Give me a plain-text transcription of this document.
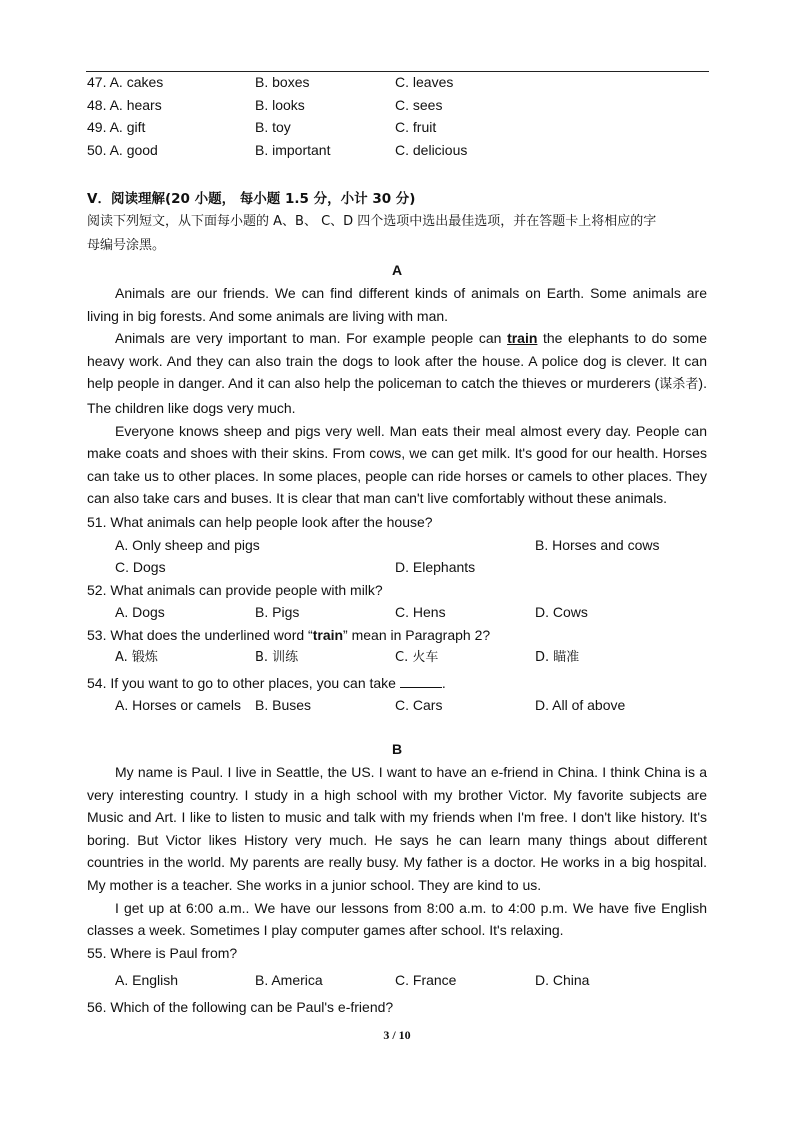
47. A. cakes	B. boxes	C. leaves
48. A. hears	B. looks	C. sees
49. A. gift	B. toy	C. fruit
50. A. good	B. important	C. delicious
V．阅读理解(20 小题， 每小题 1.5 分，小计 30 分)
阅读下列短文，从下面每小题的 A、B、 C、D 四个选项中选出最佳选项，并在答题卡上将相应的字
母编号涂黑。
A

Animals are our friends. We can find different kinds of animals on Earth. Some animals are living in big forests. And some animals are living with man.

Animals are very important to man. For example people can train the elephants to do some heavy work. And they can also train the dogs to look after the house. A police dog is clever. It can help people in danger. And it can also help the policeman to catch the thieves or murderers (谋杀者). The children like dogs very much.

Everyone knows sheep and pigs very well. Man eats their meal almost every day. People can make coats and shoes with their skins. From cows, we can get milk. It's good for our health. Horses can take us to other places. In some places, people can ride horses or camels to other places. They can also take cars and buses. It is clear that man can't live comfortably without these animals.

51. What animals can help people look after the house?
A. Only sheep and pigs	B. Horses and cows
C. Dogs	D. Elephants
52. What animals can provide people with milk?
A. Dogs	B. Pigs	C. Hens	D. Cows
53. What does the underlined word “train” mean in Paragraph 2?
A. 锻炼	B. 训练	C. 火车	D. 瞄准
54. If you want to go to other places, you can take	.
A. Horses or camels B. Buses	C. Cars	D. All of above
B

My name is Paul. I live in Seattle, the US. I want to have an e-friend in China. I think China is a very interesting country. I study in a high school with my brother Victor. My favorite subjects are Music and Art. I like to listen to music and talk with my friends when I'm free. I don't like history. It's boring. But Victor likes History very much. He says he can learn many things about different countries in the world. My parents are really busy. My father is a doctor. He works in a big hospital. My mother is a teacher. She works in a junior school. They are kind to us.

I get up at 6:00 a.m.. We have our lessons from 8:00 a.m. to 4:00 p.m. We have five English classes a week. Sometimes I play computer games after school. It's relaxing.

55. Where is Paul from?
A. English	B. America	C. France	D. China
56. Which of the following can be Paul's e-friend?
3 / 10
